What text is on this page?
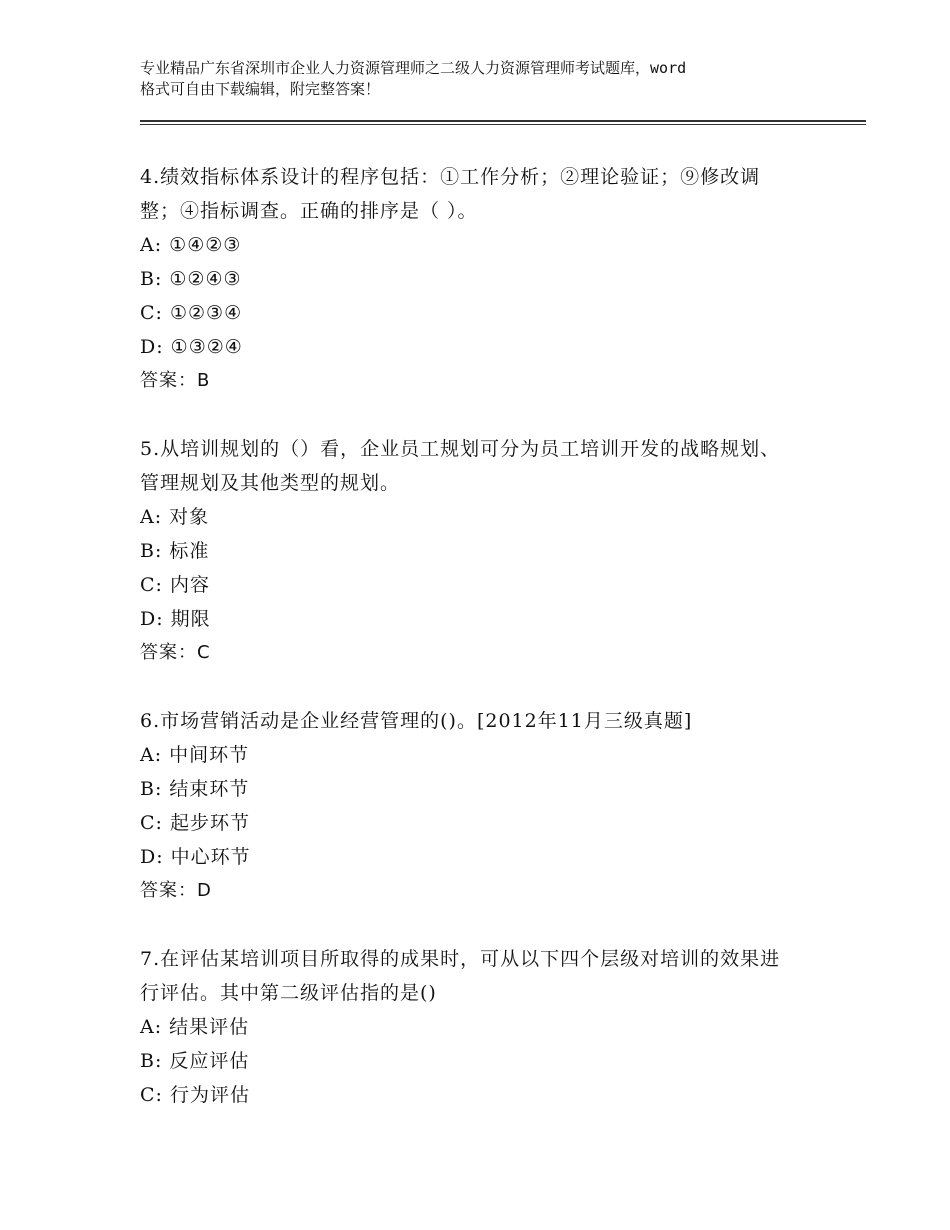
专业精品广东省深圳市企业人力资源管理师之二级人力资源管理师考试题库，word
格式可自由下载编辑，附完整答案！
4.绩效指标体系设计的程序包括：①工作分析；②理论验证；⑨修改调整；④指标调查。正确的排序是（ ）。
A: ①④②③
B: ①②④③
C: ①②③④
D: ①③②④
答案：B
5.从培训规划的（）看，企业员工规划可分为员工培训开发的战略规划、管理规划及其他类型的规划。
A: 对象
B: 标准
C: 内容
D: 期限
答案：C
6.市场营销活动是企业经营管理的()。[2012年11月三级真题]
A: 中间环节
B: 结束环节
C: 起步环节
D: 中心环节
答案：D
7.在评估某培训项目所取得的成果时，可从以下四个层级对培训的效果进行评估。其中第二级评估指的是()
A: 结果评估
B: 反应评估
C: 行为评估
